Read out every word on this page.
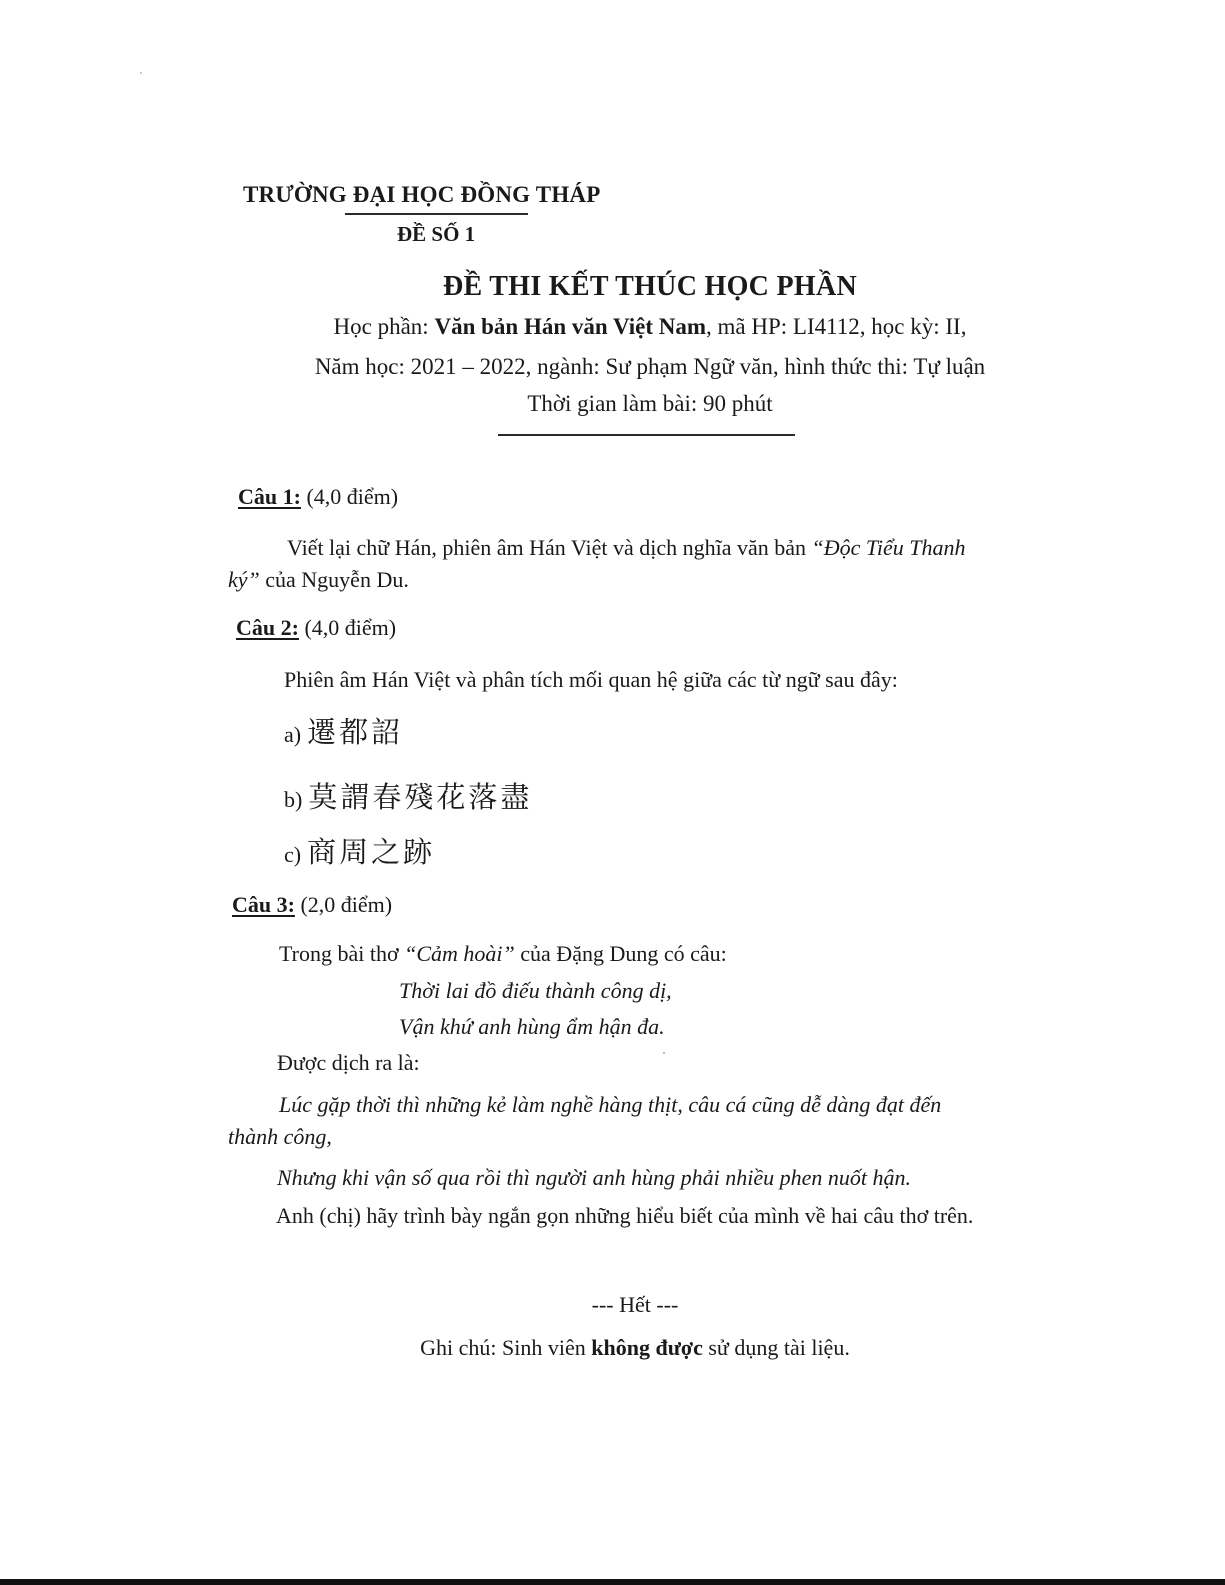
TRƯỜNG ĐẠI HỌC ĐỒNG THÁP
ĐỀ SỐ 1
ĐỀ THI KẾT THÚC HỌC PHẦN
Học phần: Văn bản Hán văn Việt Nam, mã HP: LI4112, học kỳ: II,
Năm học: 2021 – 2022, ngành: Sư phạm Ngữ văn, hình thức thi: Tự luận
Thời gian làm bài: 90 phút
Câu 1: (4,0 điểm)
Viết lại chữ Hán, phiên âm Hán Việt và dịch nghĩa văn bản “Độc Tiểu Thanh
ký” của Nguyễn Du.
Câu 2: (4,0 điểm)
Phiên âm Hán Việt và phân tích mối quan hệ giữa các từ ngữ sau đây:
a) 遷都詔
b) 莫謂春殘花落盡
c) 商周之跡
Câu 3: (2,0 điểm)
Trong bài thơ “Cảm hoài” của Đặng Dung có câu:
Thời lai đồ điếu thành công dị,
Vận khứ anh hùng ẩm hận đa.
Được dịch ra là:
Lúc gặp thời thì những kẻ làm nghề hàng thịt, câu cá cũng dễ dàng đạt đến
thành công,
Nhưng khi vận số qua rồi thì người anh hùng phải nhiều phen nuốt hận.
Anh (chị) hãy trình bày ngắn gọn những hiểu biết của mình về hai câu thơ trên.
--- Hết ---
Ghi chú: Sinh viên không được sử dụng tài liệu.
